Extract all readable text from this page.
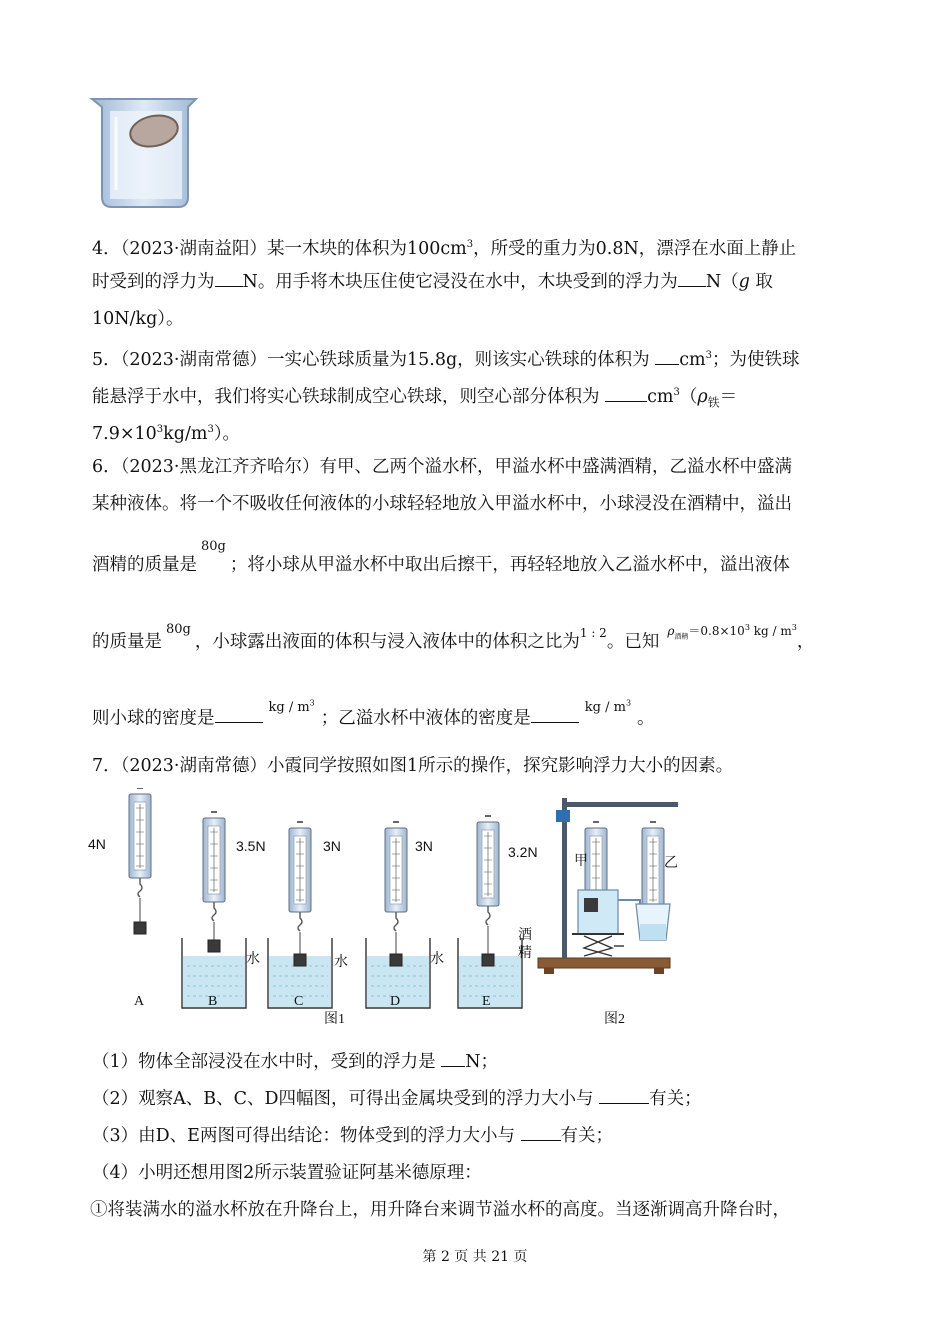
4．（2023·湖南益阳）某一木块的体积为$100cm^3$，所受的重力为0.8N，漂浮在水面上静止
时受到的浮力为 N。用手将木块压住使它浸没在水中，木块受到的浮力为 N（g 取
10N/kg）。
5．（2023·湖南常德）一实心铁球质量为15.8g，则该实心铁球的体积为 $cm^3$；为使铁球
能悬浮于水中，我们将实心铁球制成空心铁球，则空心部分体积为 $cm^3(\rho_铁=$
$7.9\times 10^3kg/m^3$）。
6．（2023·黑龙江齐齐哈尔）有甲、乙两个溢水杯，甲溢水杯中盛满酒精，乙溢水杯中盛满
某种液体。将一个不吸收任何液体的小球轻轻地放入甲溢水杯中，小球浸没在酒精中，溢出
酒精的质量是$^{80g}$；将小球从甲溢水杯中取出后擦干，再轻轻地放入乙溢水杯中，溢出液体
的质量是$^{80g}$，小球露出液面的体积与浸入液体中的体积之比为$^{1 : 2}$。已知$^{\rho_{酒精}=0.8\times 10^3 kg / m^3}$，
则小球的密度是$^{kg / m^3}$；乙溢水杯中液体的密度是$^{kg / m^3}$。
7．（2023·湖南常德）小霞同学按照如图1所示的操作，探究影响浮力大小的因素。
4N	3.5N	3N	3N	3.2N
水	水	水
酒
精
A	B	C	D	E
图1
甲	乙
图2
（1）物体全部浸没在水中时，受到的浮力是 N；
（2）观察A、B、C、D四幅图，可得出金属块受到的浮力大小与	有关；
（3）由D、E两图可得出结论：物体受到的浮力大小与 有关；
（4）小明还想用图2所示装置验证阿基米德原理：
①将装满水的溢水杯放在升降台上，用升降台来调节溢水杯的高度。当逐渐调高升降台时，
第 2 页 共 21 页
